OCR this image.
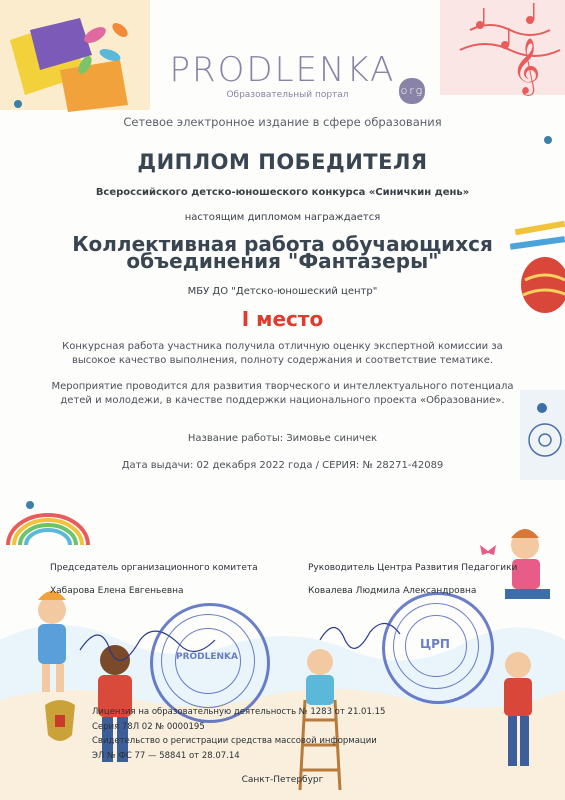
𝄞
PRODLENKA
ЦРП
PRODLENKA
org
Образовательный портал
Сетевое электронное издание в сфере образования
ДИПЛОМ ПОБЕДИТЕЛЯ
Всероссийского детско-юношеского конкурса «Синичкин день»
настоящим дипломом награждается
Коллективная работа обучающихся
объединения "Фантазеры"
МБУ ДО "Детско-юношеский центр"
I место
Конкурсная работа участника получила отличную оценку экспертной комиссии за высокое качество выполнения, полноту содержания и соответствие тематике.
Мероприятие проводится для развития творческого и интеллектуального потенциала детей и молодежи, в качестве поддержки национального проекта «Образование».
Название работы: Зимовье синичек
Дата выдачи: 02 декабря 2022 года / СЕРИЯ: № 28271-42089
Председатель организационного комитета
Хабарова Елена Евгеньевна
Руководитель Центра Развития Педагогики
Ковалева Людмила Александровна
Лицензия на образовательную деятельность № 1283 от 21.01.15
Серия 78Л 02 № 0000195
Свидетельство о регистрации средства массовой информации
ЭЛ № ФС 77 — 58841 от 28.07.14
Санкт-Петербург
